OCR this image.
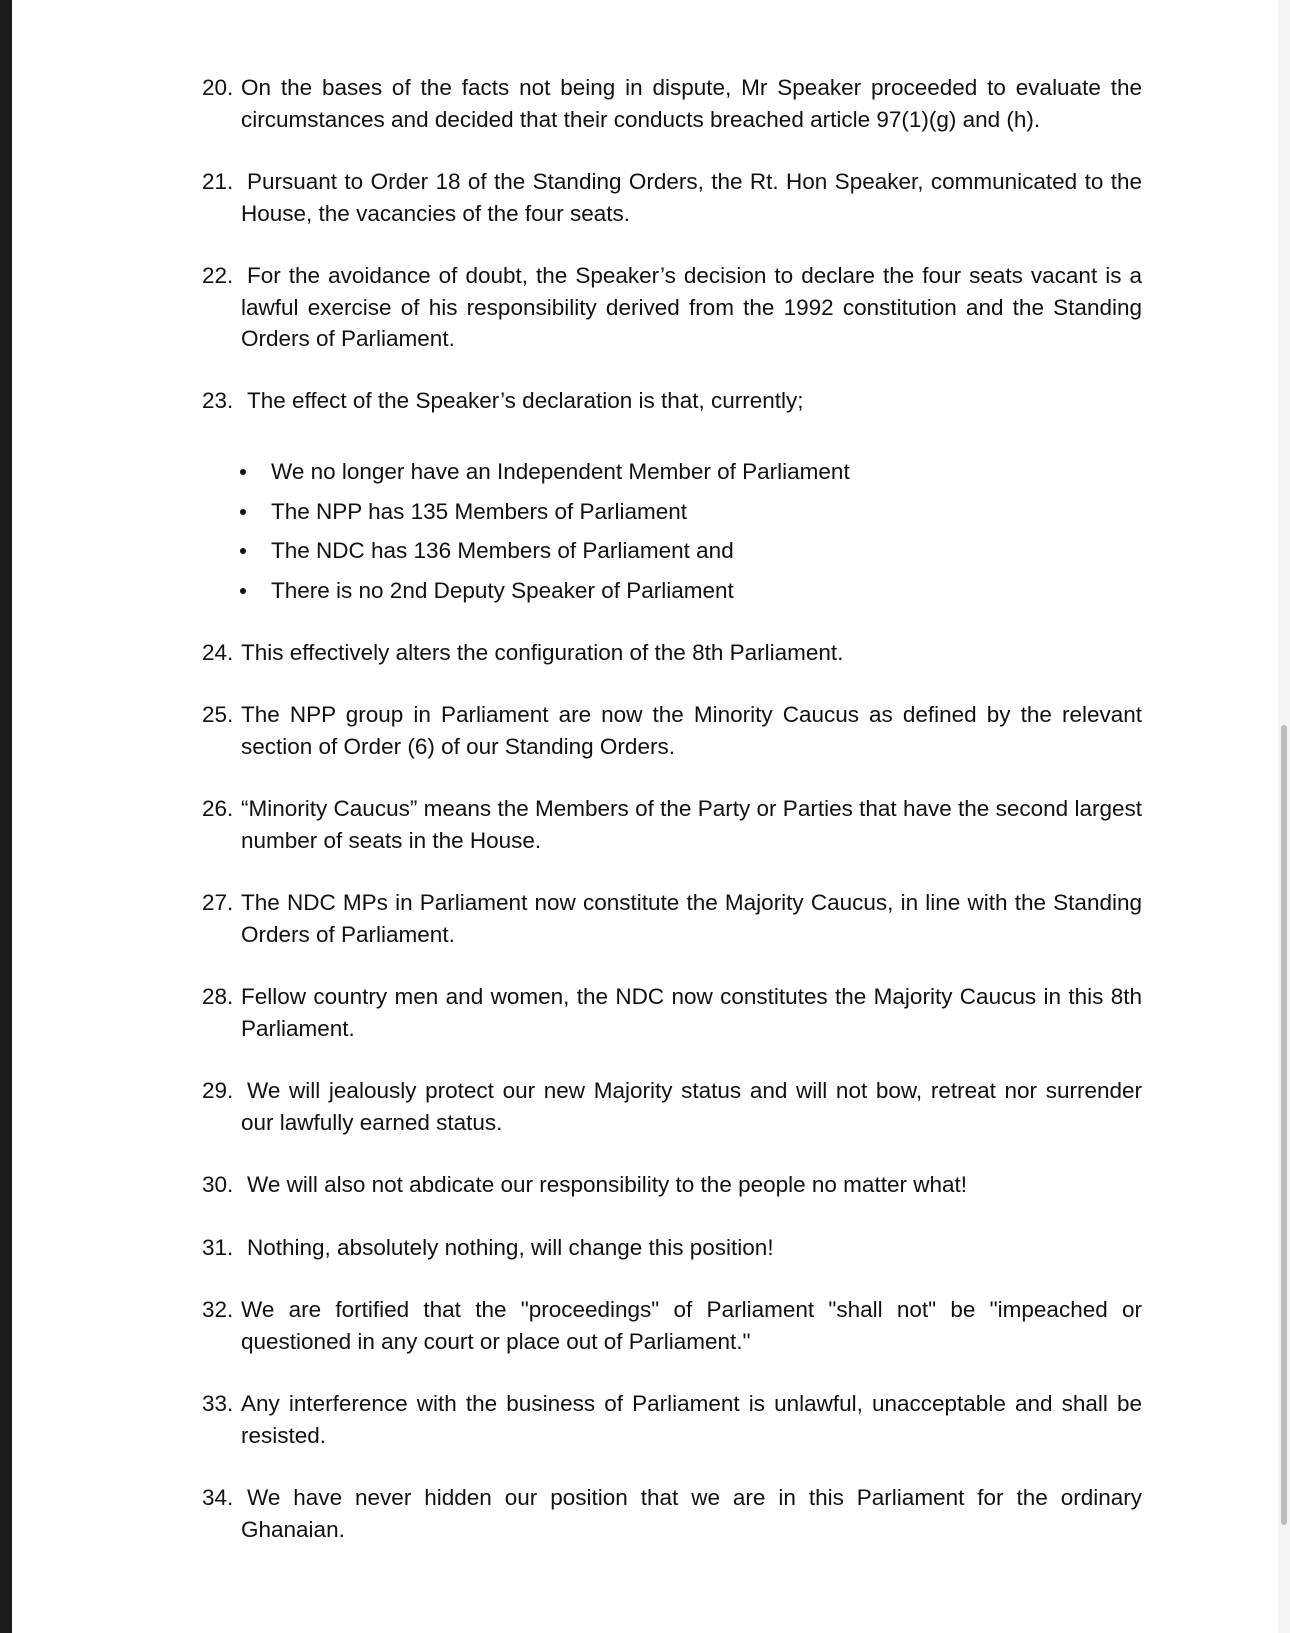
20. On the bases of the facts not being in dispute, Mr Speaker proceeded to evaluate the circumstances and decided that their conducts breached article 97(1)(g) and (h).
21. Pursuant to Order 18 of the Standing Orders, the Rt. Hon Speaker, communicated to the House, the vacancies of the four seats.
22. For the avoidance of doubt, the Speaker’s decision to declare the four seats vacant is a lawful exercise of his responsibility derived from the 1992 constitution and the Standing Orders of Parliament.
23. The effect of the Speaker’s declaration is that, currently;
We no longer have an Independent Member of Parliament
The NPP has 135 Members of Parliament
The NDC has 136 Members of Parliament and
There is no 2nd Deputy Speaker of Parliament
24. This effectively alters the configuration of the 8th Parliament.
25. The NPP group in Parliament are now the Minority Caucus as defined by the relevant section of Order (6) of our Standing Orders.
26. “Minority Caucus” means the Members of the Party or Parties that have the second largest number of seats in the House.
27. The NDC MPs in Parliament now constitute the Majority Caucus, in line with the Standing Orders of Parliament.
28. Fellow country men and women, the NDC now constitutes the Majority Caucus in this 8th Parliament.
29. We will jealously protect our new Majority status and will not bow, retreat nor surrender our lawfully earned status.
30. We will also not abdicate our responsibility to the people no matter what!
31. Nothing, absolutely nothing, will change this position!
32. We are fortified that the "proceedings" of Parliament "shall not" be "impeached or questioned in any court or place out of Parliament."
33. Any interference with the business of Parliament is unlawful, unacceptable and shall be resisted.
34. We have never hidden our position that we are in this Parliament for the ordinary Ghanaian.
